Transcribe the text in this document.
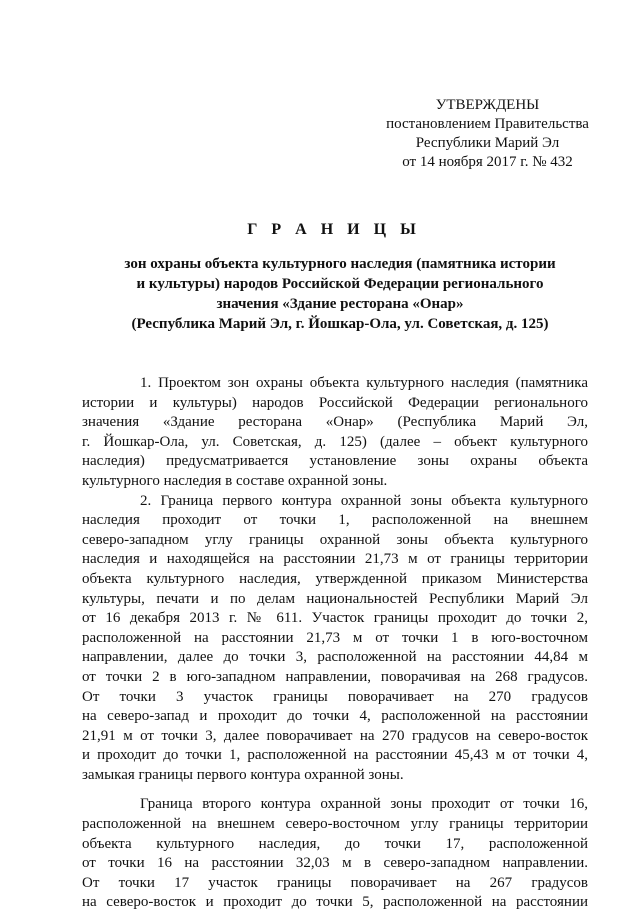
УТВЕРЖДЕНЫ
постановлением Правительства
Республики Марий Эл
от 14 ноября 2017 г. № 432
Г Р А Н И Ц Ы
зон охраны объекта культурного наследия (памятника истории
и культуры) народов Российской Федерации регионального
значения «Здание ресторана «Онар»
(Республика Марий Эл, г. Йошкар-Ола, ул. Советская, д. 125)
1. Проектом зон охраны объекта культурного наследия (памятника
истории и культуры) народов Российской Федерации регионального
значения «Здание ресторана «Онар» (Республика Марий Эл,
г. Йошкар-Ола, ул. Советская, д. 125) (далее – объект культурного
наследия) предусматривается установление зоны охраны объекта
культурного наследия в составе охранной зоны.
2. Граница первого контура охранной зоны объекта культурного
наследия проходит от точки 1, расположенной на внешнем
северо-западном углу границы охранной зоны объекта культурного
наследия и находящейся на расстоянии 21,73 м от границы территории
объекта культурного наследия, утвержденной приказом Министерства
культуры, печати и по делам национальностей Республики Марий Эл
от 16 декабря 2013 г. № 611. Участок границы проходит до точки 2,
расположенной на расстоянии 21,73 м от точки 1 в юго-восточном
направлении, далее до точки 3, расположенной на расстоянии 44,84 м
от точки 2 в юго-западном направлении, поворачивая на 268 градусов.
От точки 3 участок границы поворачивает на 270 градусов
на северо-запад и проходит до точки 4, расположенной на расстоянии
21,91 м от точки 3, далее поворачивает на 270 градусов на северо-восток
и проходит до точки 1, расположенной на расстоянии 45,43 м от точки 4,
замыкая границы первого контура охранной зоны.
Граница второго контура охранной зоны проходит от точки 16,
расположенной на внешнем северо-восточном углу границы территории
объекта культурного наследия, до точки 17, расположенной
от точки 16 на расстоянии 32,03 м в северо-западном направлении.
От точки 17 участок границы поворачивает на 267 градусов
на северо-восток и проходит до точки 5, расположенной на расстоянии
